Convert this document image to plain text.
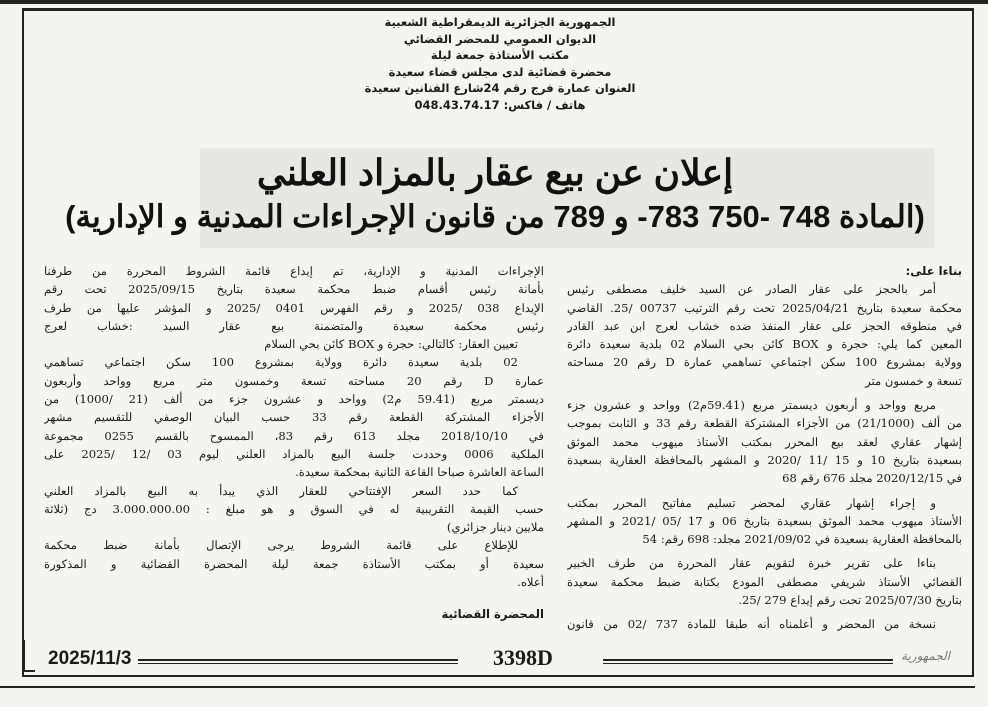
الجمهورية الجزائرية الديمقراطية الشعبية
الديوان العمومي للمحضر القضائي
مكتب الأستاذة جمعة ليلة
محضرة قضائية لدى مجلس قضاء سعيدة
العنوان عمارة فرج رقم 24شارع الفنانين سعيدة
هاتف / فاكس: 048.43.74.17
إعلان عن بيع عقار بالمزاد العلني
(المادة 748 -750 783- و 789 من قانون الإجراءات المدنية و الإدارية)
بناءا على:
أمر بالحجز على عقار الصادر عن السيد خليف مصطفى رئيس
محكمة سعيدة بتاريخ 2025/04/21 تحت رقم الترتيب 00737 /25. القاضي
في منطوقه الحجز على عقار المنفذ ضده خشاب لعرج ابن عبد القادر
المعين كما يلي: حجرة و BOX كائن بحي السلام 02 بلدية سعيدة دائرة
وولاية بمشروع 100 سكن اجتماعي تساهمي عمارة D رقم 20 مساحته
تسعة و خمسون متر
مربع وواحد و أربعون ديسمتر مربع (59.41م2) وواحد و عشرون جزء
من ألف (21/1000) من الأجزاء المشتركة القطعة رقم 33 و الثابت بموجب
إشهار عقاري لعقد بيع المحرر بمكتب الأستاذ ميهوب محمد الموثق
بسعيدة بتاريخ 10 و 15 /11 /2020 و المشهر بالمحافظة العقارية بسعيدة
في 2020/12/15 مجلد 676 رقم 68
و إجراء إشهار عقاري لمحضر تسليم مفاتيح المحرر بمكتب
الأستاذ ميهوب محمد الموثق بسعيدة بتاريخ 06 و 17 /05 /2021 و المشهر
بالمحافظة العقارية بسعيدة في 2021/09/02 مجلد: 698 رقم: 54
بناءا على تقرير خبرة لتقويم عقار المحررة من طرف الخبير
القضائي الأستاذ شريفي مصطفى المودع بكتابة ضبط محكمة سعيدة
بتاريخ 2025/07/30 تحت رقم إيداع 279 /25.
نسخة من المحضر و أعلمناه أنه طبقا للمادة 737 /02 من قانون
الإجراءات المدنية و الإدارية، تم إيداع قائمة الشروط المحررة من طرفنا
بأمانة رئيس أقسام ضبط محكمة سعيدة بتاريخ 2025/09/15 تحت رقم
الإيداع 038 /2025 و رقم الفهرس 0401 /2025 و المؤشر عليها من طرف
رئيس محكمة سعيدة والمتضمنة بيع عقار السيد :خشاب لعرج
تعيين العقار: كالتالي: حجرة و BOX كائن بحي السلام
02 بلدية سعيدة دائرة وولاية بمشروع 100 سكن اجتماعي تساهمي
عمارة D رقم 20 مساحته تسعة وخمسون متر مربع وواحد وأربعون
ديسمتر مربع (59.41 م2) وواحد و عشرون جزء من ألف (21 /1000) من
الأجزاء المشتركة القطعة رقم 33 حسب البيان الوصفي للتقسيم مشهر
في 2018/10/10 مجلد 613 رقم 83، الممسوح بالقسم 0255 مجموعة
الملكية 0006 وحددت جلسة البيع بالمزاد العلني ليوم 03 /12 /2025 على
الساعة العاشرة صباحا القاعة الثانية بمحكمة سعيدة.
كما حدد السعر الإفتتاحي للعقار الذي يبدأ به البيع بالمزاد العلني
حسب القيمة التقريبية له في السوق و هو مبلغ : 3.000.000.00 دج (ثلاثة
ملايين دينار جزائري)
للإطلاع على قائمة الشروط يرجى الإتصال بأمانة ضبط محكمة
سعيدة أو بمكتب الأستاذة جمعة ليلة المحضرة القضائية و المذكورة
أعلاه.
المحضرة القضائية
2025/11/3	3398D	الجمهورية
